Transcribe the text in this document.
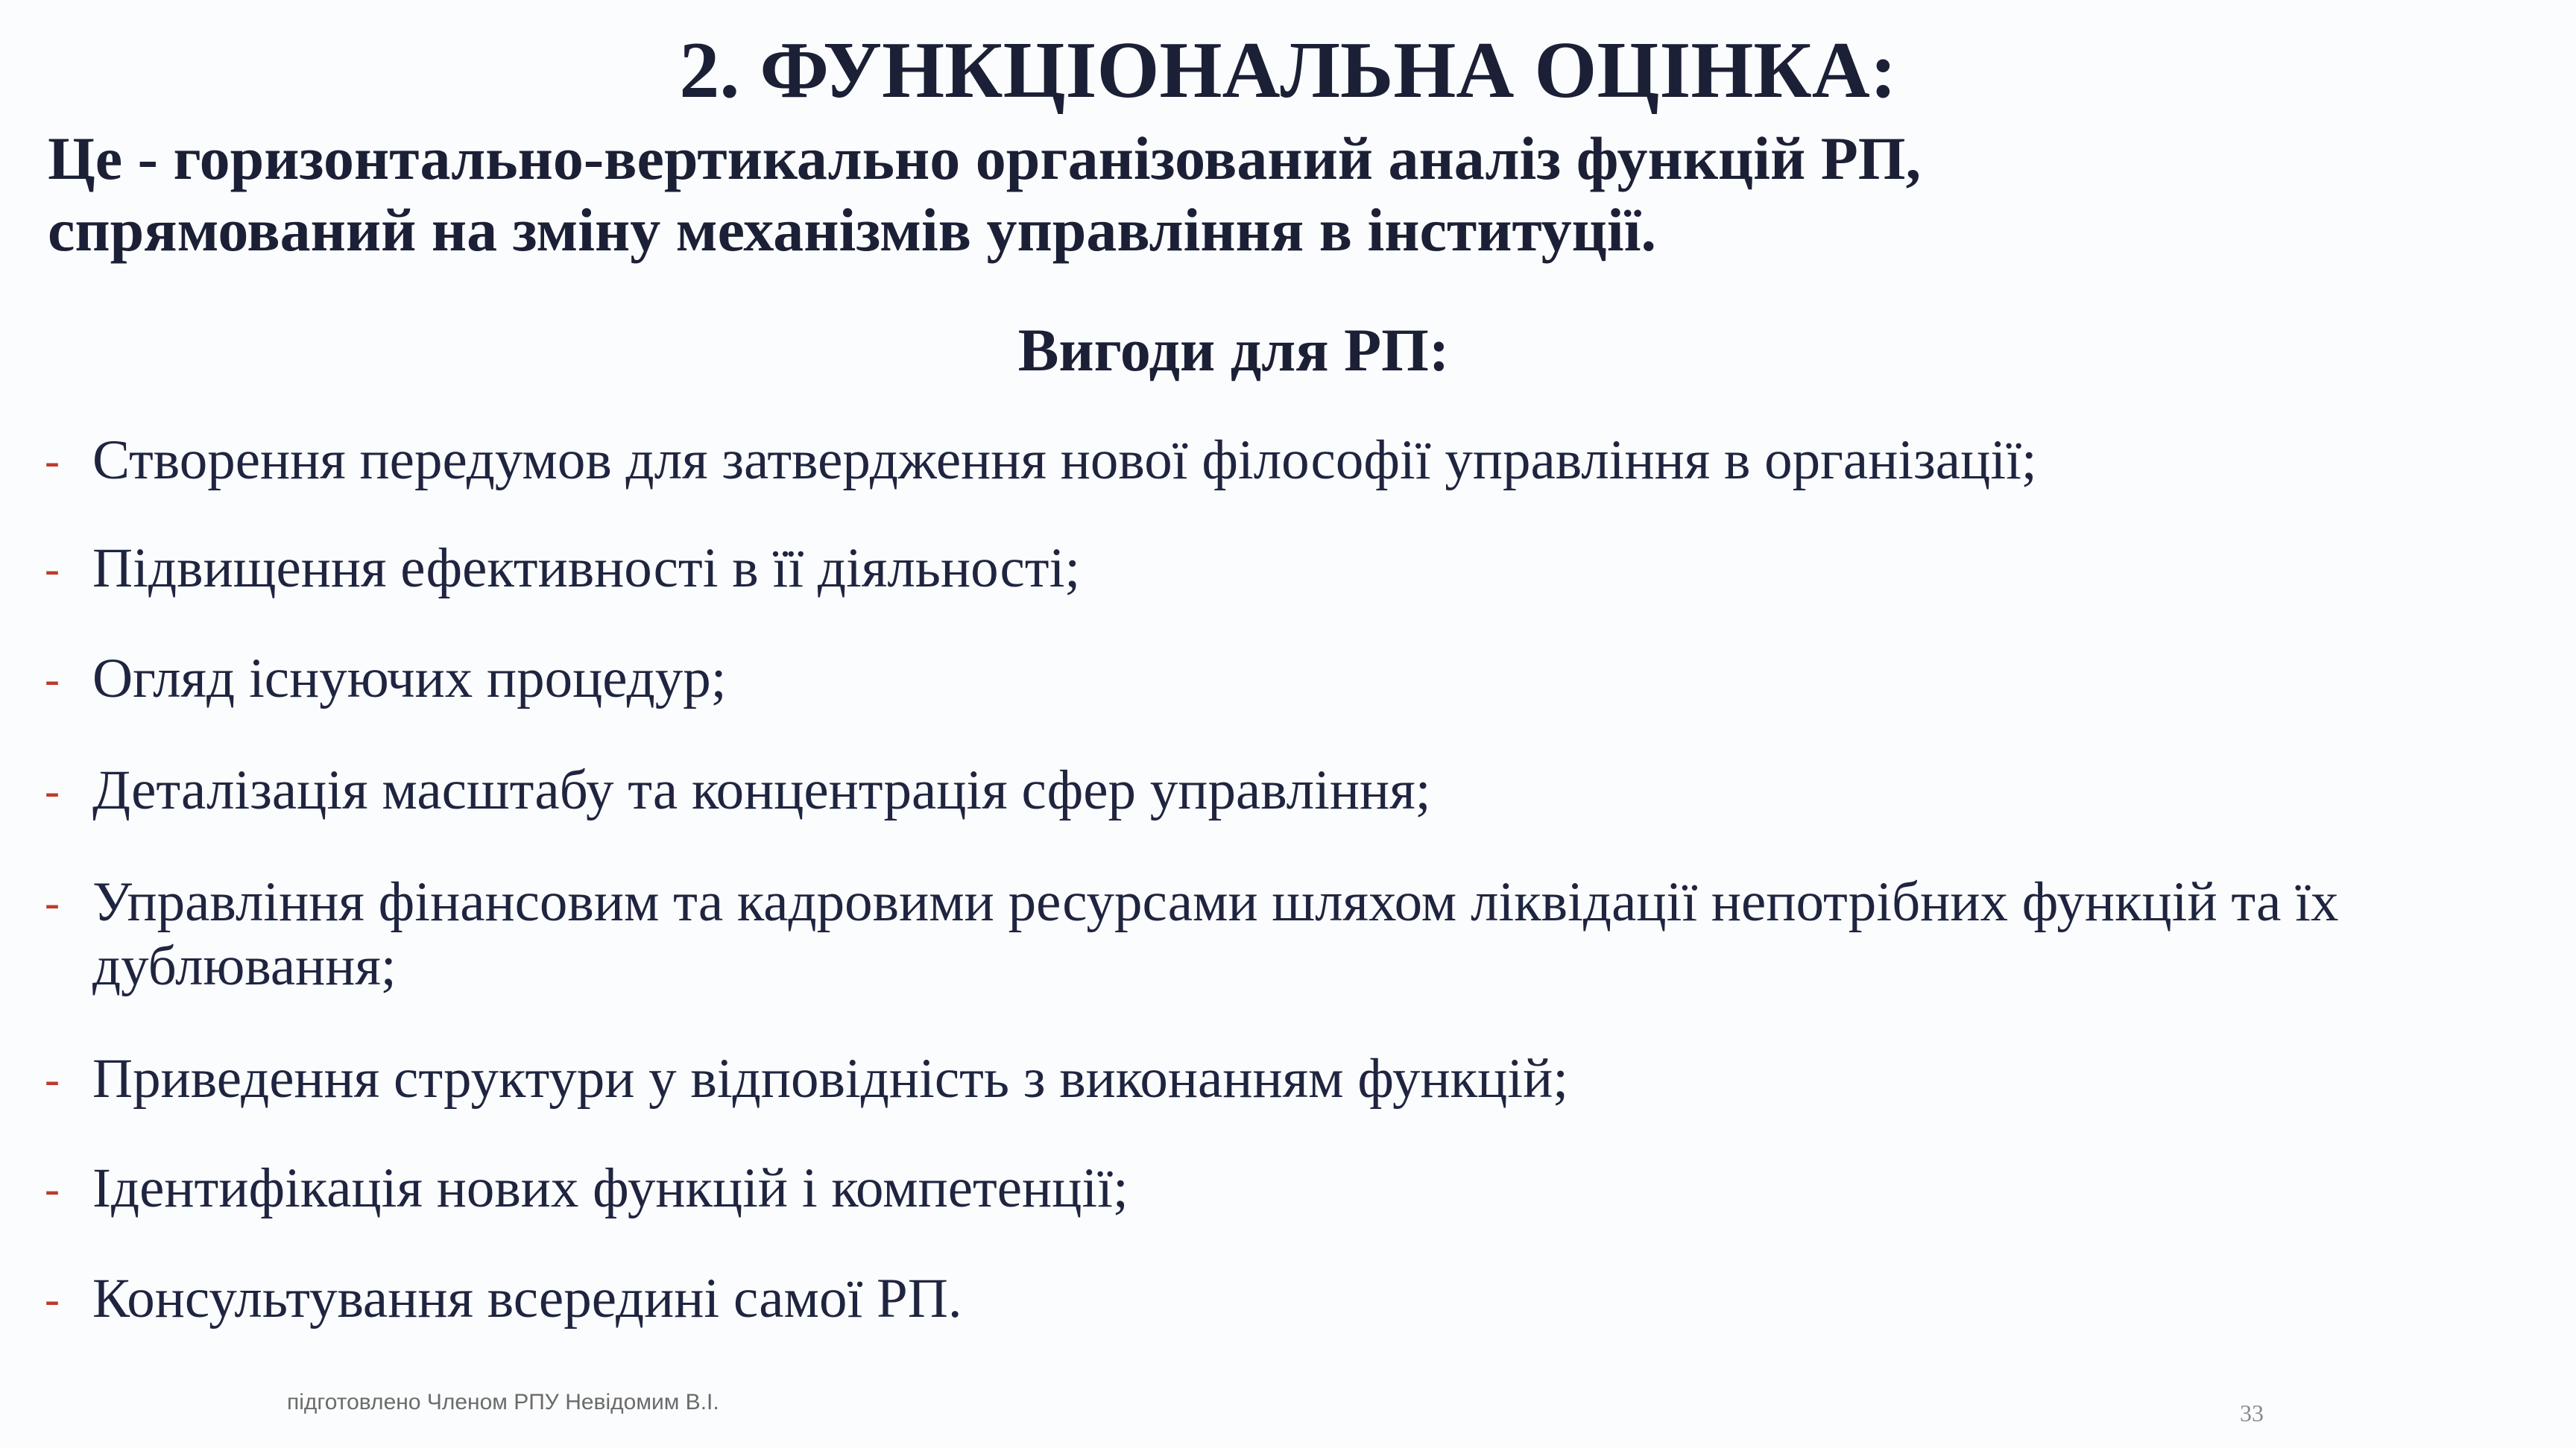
2. ФУНКЦІОНАЛЬНА ОЦІНКА:
Це - горизонтально-вертикально організований аналіз функцій РП,
спрямований на зміну механізмів управління в інституції.
Вигоди для РП:
- Створення передумов для затвердження нової філософії управління в організації;
- Підвищення ефективності в її діяльності;
- Огляд існуючих процедур;
- Деталізація масштабу та концентрація сфер управління;
- Управління фінансовим та кадровими ресурсами шляхом ліквідації непотрібних функцій та їх дублювання;
- Приведення структури у відповідність з виконанням функцій;
- Ідентифікація нових функцій і компетенції;
- Консультування всередині самої РП.
підготовлено Членом РПУ Невідомим В.І.	33
